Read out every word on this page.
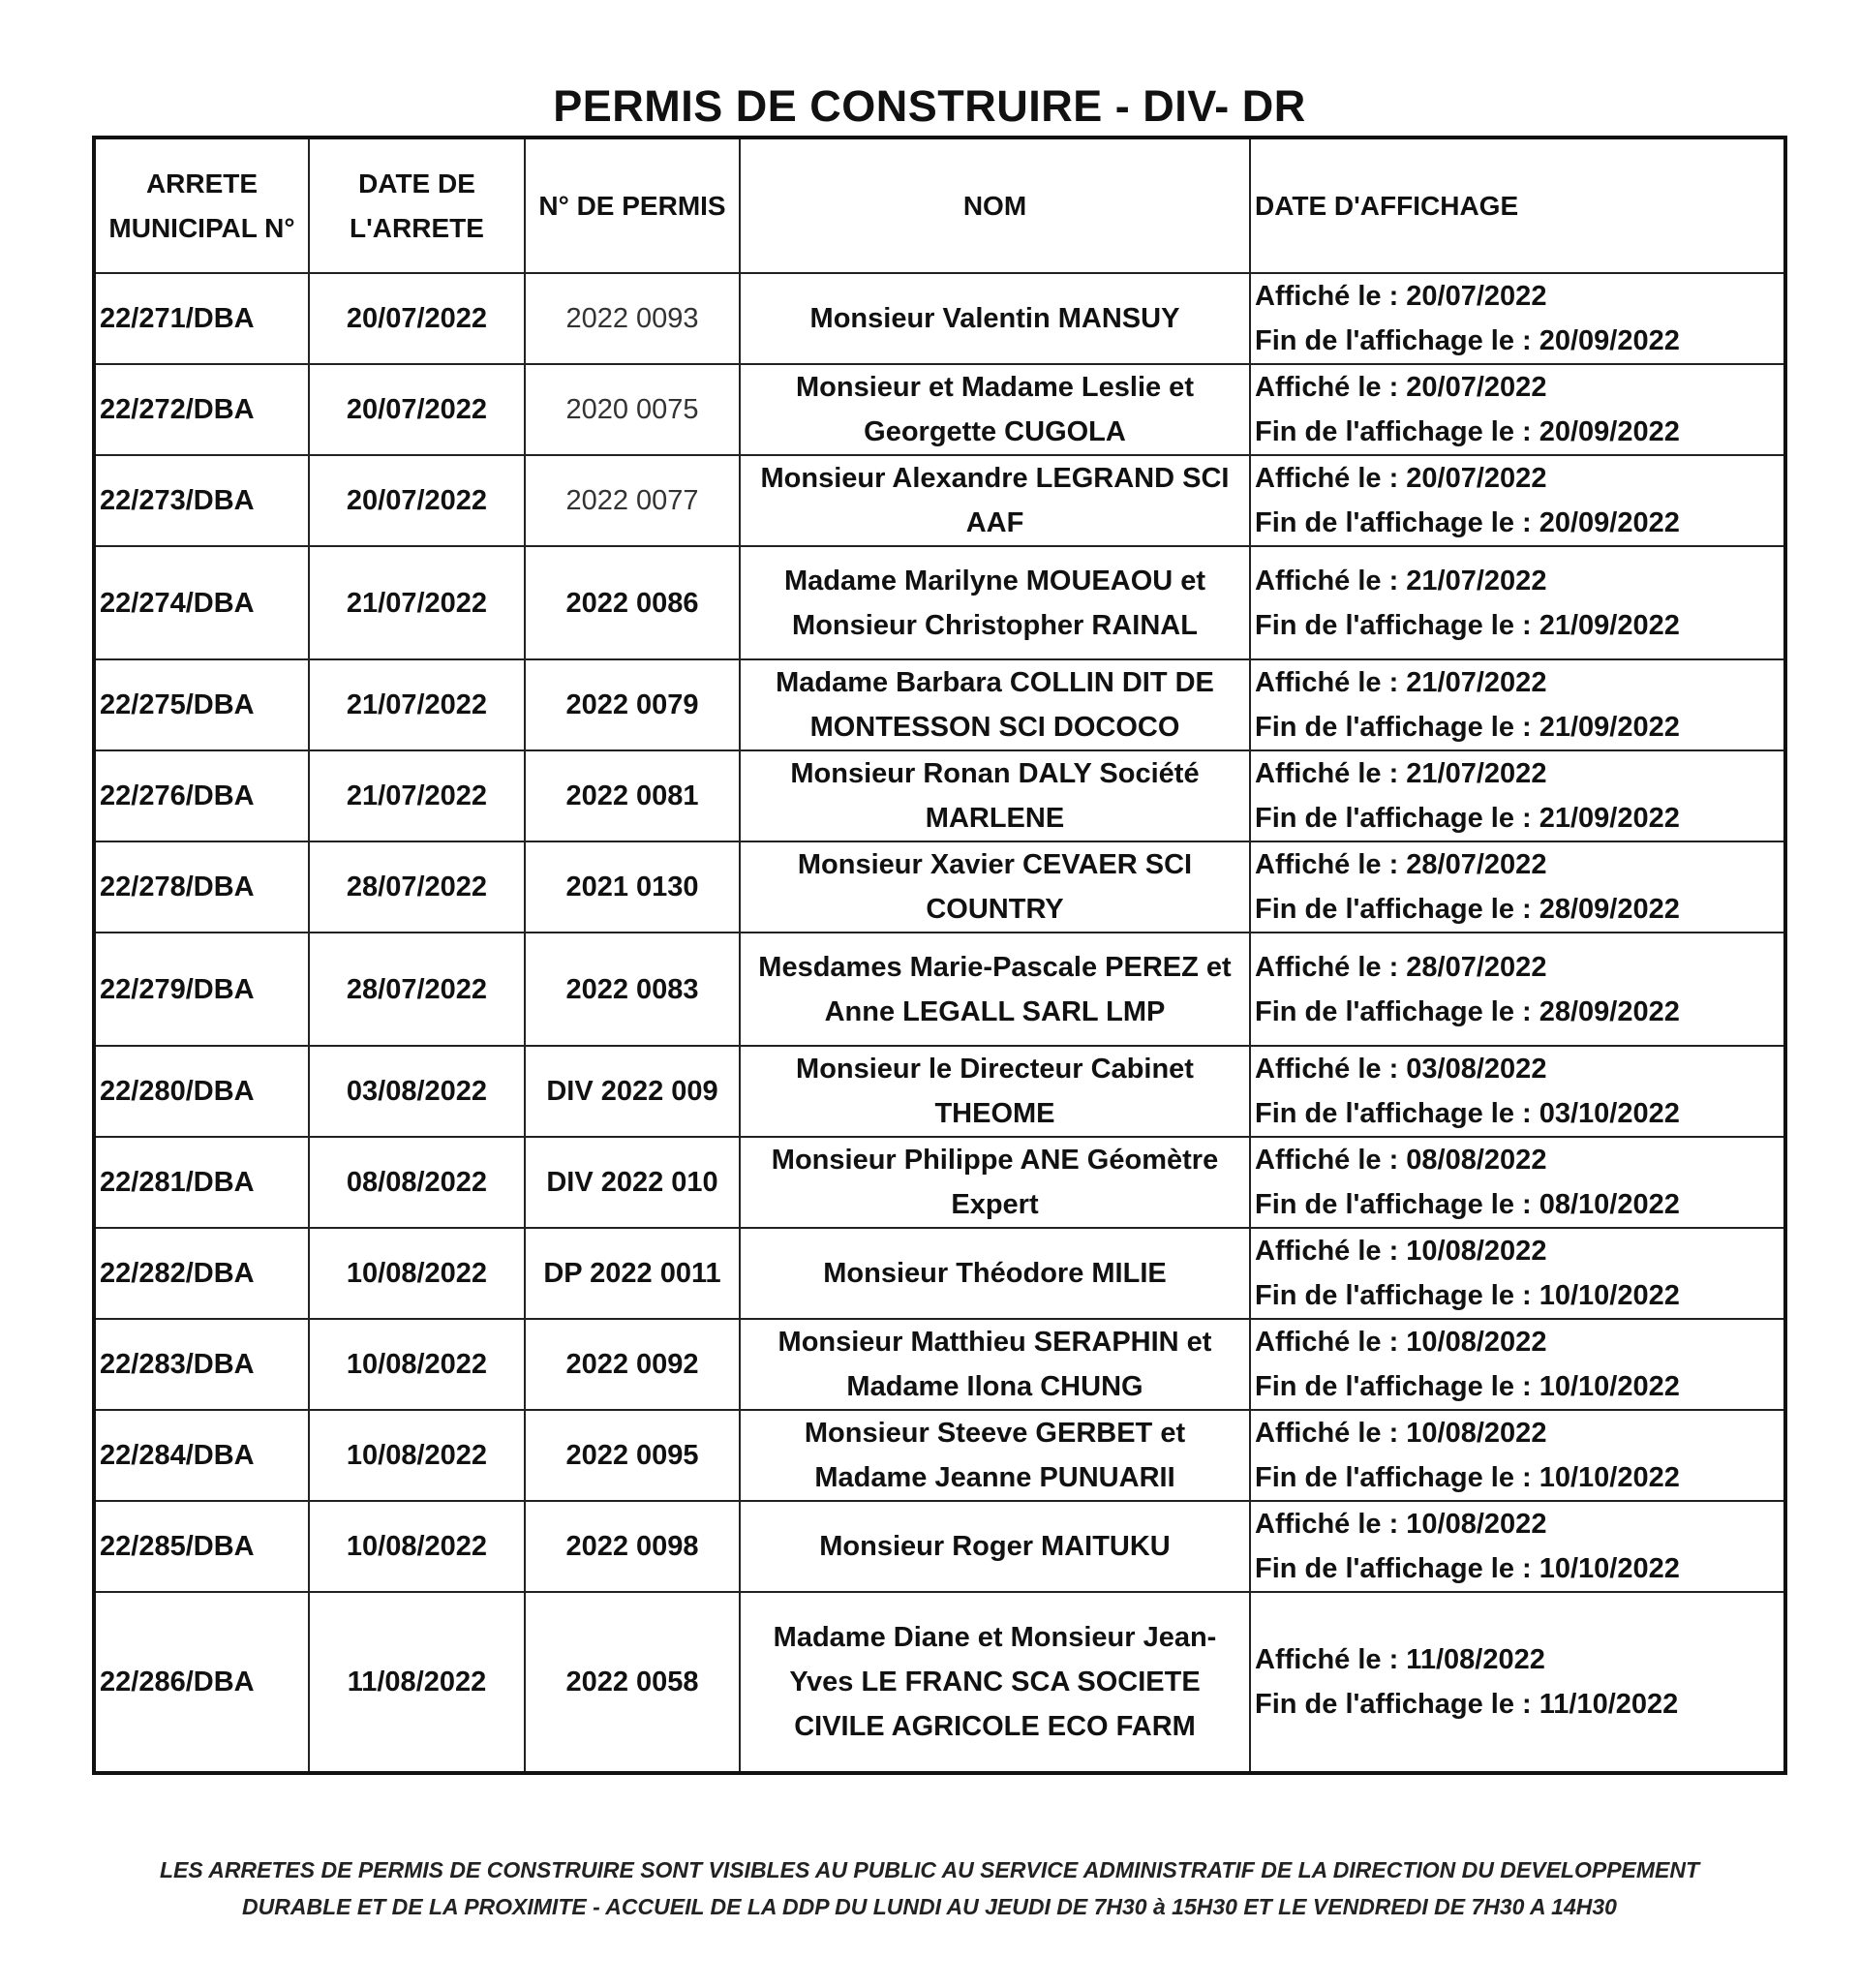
PERMIS DE CONSTRUIRE - DIV- DR
ARRETE MUNICIPAL N°	DATE DE L'ARRETE	N° DE PERMIS	NOM	DATE D'AFFICHAGE
22/271/DBA	20/07/2022	2022 0093	Monsieur Valentin MANSUY	Affiché le : 20/07/2022
Fin de l'affichage le : 20/09/2022

22/272/DBA	20/07/2022	2020 0075	Monsieur et Madame Leslie et Georgette CUGOLA	Affiché le : 20/07/2022
Fin de l'affichage le : 20/09/2022

22/273/DBA	20/07/2022	2022 0077	Monsieur Alexandre LEGRAND SCI AAF	Affiché le : 20/07/2022
Fin de l'affichage le : 20/09/2022

22/274/DBA	21/07/2022	2022 0086	Madame Marilyne MOUEAOU et Monsieur Christopher RAINAL	Affiché le : 21/07/2022
Fin de l'affichage le : 21/09/2022

22/275/DBA	21/07/2022	2022 0079	Madame Barbara COLLIN DIT DE MONTESSON SCI DOCOCO	Affiché le : 21/07/2022
Fin de l'affichage le : 21/09/2022

22/276/DBA	21/07/2022	2022 0081	Monsieur Ronan DALY Société MARLENE	Affiché le : 21/07/2022
Fin de l'affichage le : 21/09/2022

22/278/DBA	28/07/2022	2021 0130	Monsieur Xavier CEVAER SCI COUNTRY	Affiché le : 28/07/2022
Fin de l'affichage le : 28/09/2022

22/279/DBA	28/07/2022	2022 0083	Mesdames Marie-Pascale PEREZ et Anne LEGALL SARL LMP	Affiché le : 28/07/2022
Fin de l'affichage le : 28/09/2022

22/280/DBA	03/08/2022	DIV 2022 009	Monsieur le Directeur Cabinet THEOME	Affiché le : 03/08/2022
Fin de l'affichage le : 03/10/2022

22/281/DBA	08/08/2022	DIV 2022 010	Monsieur Philippe ANE Géomètre Expert	Affiché le : 08/08/2022
Fin de l'affichage le : 08/10/2022

22/282/DBA	10/08/2022	DP 2022 0011	Monsieur Théodore MILIE	Affiché le : 10/08/2022
Fin de l'affichage le : 10/10/2022

22/283/DBA	10/08/2022	2022 0092	Monsieur Matthieu SERAPHIN et Madame Ilona CHUNG	Affiché le : 10/08/2022
Fin de l'affichage le : 10/10/2022

22/284/DBA	10/08/2022	2022 0095	Monsieur Steeve GERBET et Madame Jeanne PUNUARII	Affiché le : 10/08/2022
Fin de l'affichage le : 10/10/2022

22/285/DBA	10/08/2022	2022 0098	Monsieur Roger MAITUKU	Affiché le : 10/08/2022
Fin de l'affichage le : 10/10/2022

22/286/DBA	11/08/2022	2022 0058	Madame Diane et Monsieur Jean-Yves LE FRANC SCA SOCIETE CIVILE AGRICOLE ECO FARM	Affiché le : 11/08/2022
Fin de l'affichage le : 11/10/2022
LES ARRETES DE PERMIS DE CONSTRUIRE SONT VISIBLES AU PUBLIC AU SERVICE ADMINISTRATIF DE LA DIRECTION DU DEVELOPPEMENT
DURABLE ET DE LA PROXIMITE - ACCUEIL DE LA DDP DU LUNDI AU JEUDI DE 7H30 à 15H30 ET LE VENDREDI DE 7H30 A 14H30
